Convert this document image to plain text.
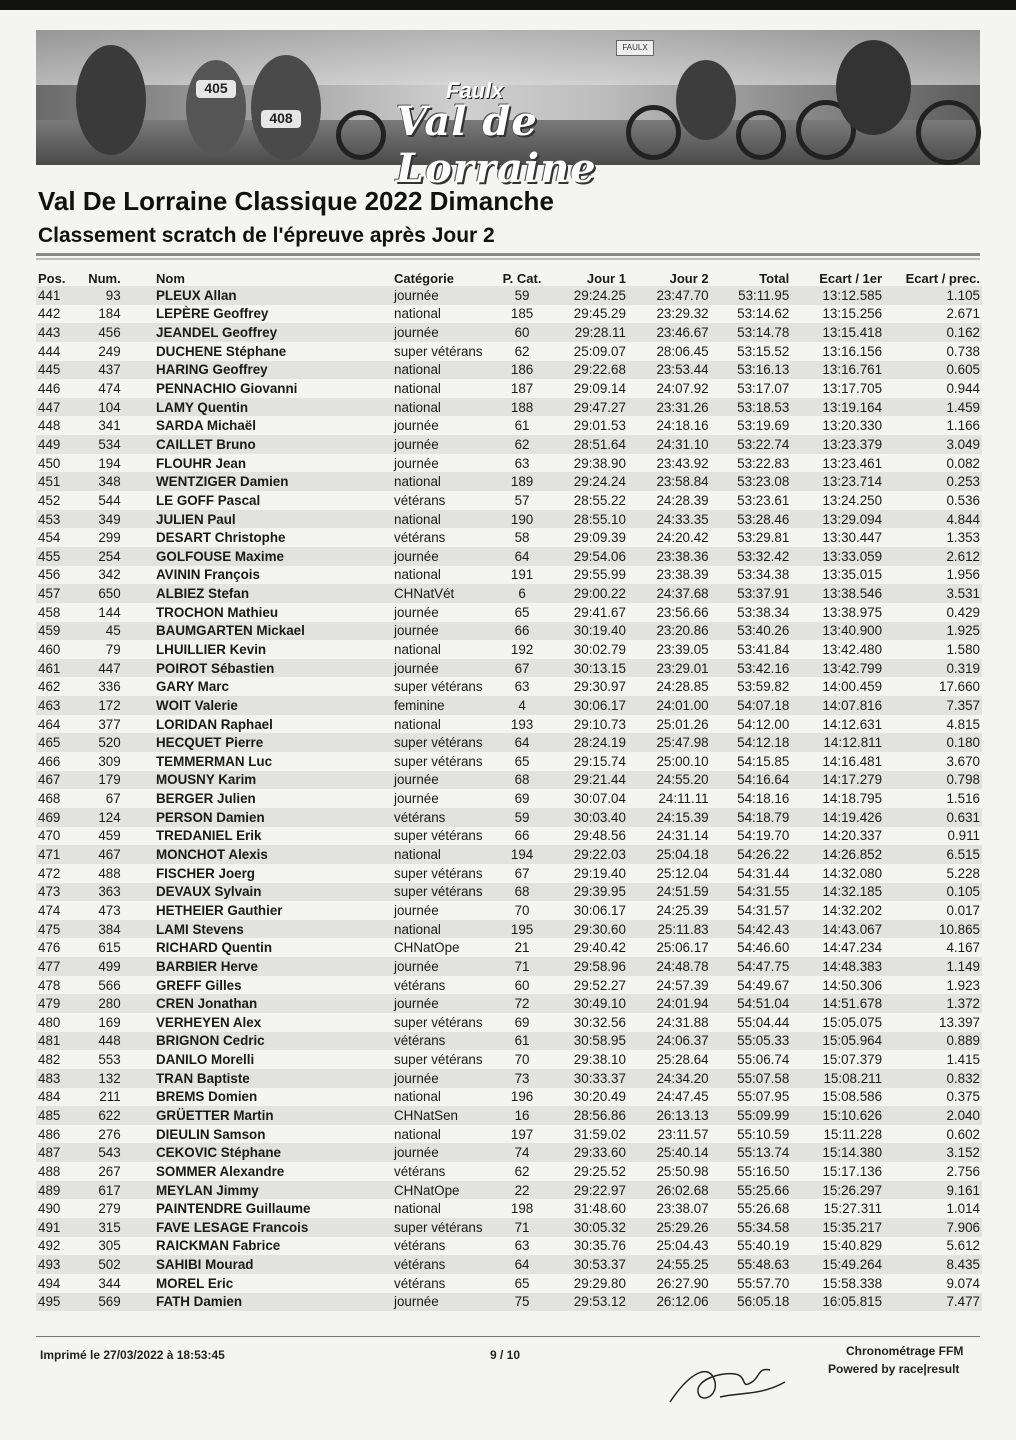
405
408
FAULX
Faulx
Val de Lorraine
Val De Lorraine Classique 2022 Dimanche
Classement scratch de l'épreuve après Jour 2
Pos.	Num.		Nom	Catégorie	P. Cat.	Jour 1	Jour 2	Total	Ecart / 1er	Ecart / prec.
441	93		PLEUX Allan	journée	59	29:24.25	23:47.70	53:11.95	13:12.585	1.105
442	184		LEPÈRE Geoffrey	national	185	29:45.29	23:29.32	53:14.62	13:15.256	2.671
443	456		JEANDEL Geoffrey	journée	60	29:28.11	23:46.67	53:14.78	13:15.418	0.162
444	249		DUCHENE Stéphane	super vétérans	62	25:09.07	28:06.45	53:15.52	13:16.156	0.738
445	437		HARING Geoffrey	national	186	29:22.68	23:53.44	53:16.13	13:16.761	0.605
446	474		PENNACHIO Giovanni	national	187	29:09.14	24:07.92	53:17.07	13:17.705	0.944
447	104		LAMY Quentin	national	188	29:47.27	23:31.26	53:18.53	13:19.164	1.459
448	341		SARDA Michaël	journée	61	29:01.53	24:18.16	53:19.69	13:20.330	1.166
449	534		CAILLET Bruno	journée	62	28:51.64	24:31.10	53:22.74	13:23.379	3.049
450	194		FLOUHR Jean	journée	63	29:38.90	23:43.92	53:22.83	13:23.461	0.082
451	348		WENTZIGER Damien	national	189	29:24.24	23:58.84	53:23.08	13:23.714	0.253
452	544		LE GOFF Pascal	vétérans	57	28:55.22	24:28.39	53:23.61	13:24.250	0.536
453	349		JULIEN Paul	national	190	28:55.10	24:33.35	53:28.46	13:29.094	4.844
454	299		DESART Christophe	vétérans	58	29:09.39	24:20.42	53:29.81	13:30.447	1.353
455	254		GOLFOUSE Maxime	journée	64	29:54.06	23:38.36	53:32.42	13:33.059	2.612
456	342		AVININ François	national	191	29:55.99	23:38.39	53:34.38	13:35.015	1.956
457	650		ALBIEZ Stefan	CHNatVét	6	29:00.22	24:37.68	53:37.91	13:38.546	3.531
458	144		TROCHON Mathieu	journée	65	29:41.67	23:56.66	53:38.34	13:38.975	0.429
459	45		BAUMGARTEN Mickael	journée	66	30:19.40	23:20.86	53:40.26	13:40.900	1.925
460	79		LHUILLIER Kevin	national	192	30:02.79	23:39.05	53:41.84	13:42.480	1.580
461	447		POIROT Sébastien	journée	67	30:13.15	23:29.01	53:42.16	13:42.799	0.319
462	336		GARY Marc	super vétérans	63	29:30.97	24:28.85	53:59.82	14:00.459	17.660
463	172		WOIT Valerie	feminine	4	30:06.17	24:01.00	54:07.18	14:07.816	7.357
464	377		LORIDAN Raphael	national	193	29:10.73	25:01.26	54:12.00	14:12.631	4.815
465	520		HECQUET Pierre	super vétérans	64	28:24.19	25:47.98	54:12.18	14:12.811	0.180
466	309		TEMMERMAN Luc	super vétérans	65	29:15.74	25:00.10	54:15.85	14:16.481	3.670
467	179		MOUSNY Karim	journée	68	29:21.44	24:55.20	54:16.64	14:17.279	0.798
468	67		BERGER Julien	journée	69	30:07.04	24:11.11	54:18.16	14:18.795	1.516
469	124		PERSON Damien	vétérans	59	30:03.40	24:15.39	54:18.79	14:19.426	0.631
470	459		TREDANIEL Erik	super vétérans	66	29:48.56	24:31.14	54:19.70	14:20.337	0.911
471	467		MONCHOT Alexis	national	194	29:22.03	25:04.18	54:26.22	14:26.852	6.515
472	488		FISCHER Joerg	super vétérans	67	29:19.40	25:12.04	54:31.44	14:32.080	5.228
473	363		DEVAUX Sylvain	super vétérans	68	29:39.95	24:51.59	54:31.55	14:32.185	0.105
474	473		HETHEIER Gauthier	journée	70	30:06.17	24:25.39	54:31.57	14:32.202	0.017
475	384		LAMI Stevens	national	195	29:30.60	25:11.83	54:42.43	14:43.067	10.865
476	615		RICHARD Quentin	CHNatOpe	21	29:40.42	25:06.17	54:46.60	14:47.234	4.167
477	499		BARBIER Herve	journée	71	29:58.96	24:48.78	54:47.75	14:48.383	1.149
478	566		GREFF Gilles	vétérans	60	29:52.27	24:57.39	54:49.67	14:50.306	1.923
479	280		CREN Jonathan	journée	72	30:49.10	24:01.94	54:51.04	14:51.678	1.372
480	169		VERHEYEN Alex	super vétérans	69	30:32.56	24:31.88	55:04.44	15:05.075	13.397
481	448		BRIGNON Cedric	vétérans	61	30:58.95	24:06.37	55:05.33	15:05.964	0.889
482	553		DANILO Morelli	super vétérans	70	29:38.10	25:28.64	55:06.74	15:07.379	1.415
483	132		TRAN Baptiste	journée	73	30:33.37	24:34.20	55:07.58	15:08.211	0.832
484	211		BREMS Domien	national	196	30:20.49	24:47.45	55:07.95	15:08.586	0.375
485	622		GRÜETTER Martin	CHNatSen	16	28:56.86	26:13.13	55:09.99	15:10.626	2.040
486	276		DIEULIN Samson	national	197	31:59.02	23:11.57	55:10.59	15:11.228	0.602
487	543		CEKOVIC Stéphane	journée	74	29:33.60	25:40.14	55:13.74	15:14.380	3.152
488	267		SOMMER Alexandre	vétérans	62	29:25.52	25:50.98	55:16.50	15:17.136	2.756
489	617		MEYLAN Jimmy	CHNatOpe	22	29:22.97	26:02.68	55:25.66	15:26.297	9.161
490	279		PAINTENDRE Guillaume	national	198	31:48.60	23:38.07	55:26.68	15:27.311	1.014
491	315		FAVE LESAGE Francois	super vétérans	71	30:05.32	25:29.26	55:34.58	15:35.217	7.906
492	305		RAICKMAN Fabrice	vétérans	63	30:35.76	25:04.43	55:40.19	15:40.829	5.612
493	502		SAHIBI Mourad	vétérans	64	30:53.37	24:55.25	55:48.63	15:49.264	8.435
494	344		MOREL Eric	vétérans	65	29:29.80	26:27.90	55:57.70	15:58.338	9.074
495	569		FATH Damien	journée	75	29:53.12	26:12.06	56:05.18	16:05.815	7.477
Imprimé le 27/03/2022 à 18:53:45	9 / 10	Chronométrage FFM
Powered by race|result
